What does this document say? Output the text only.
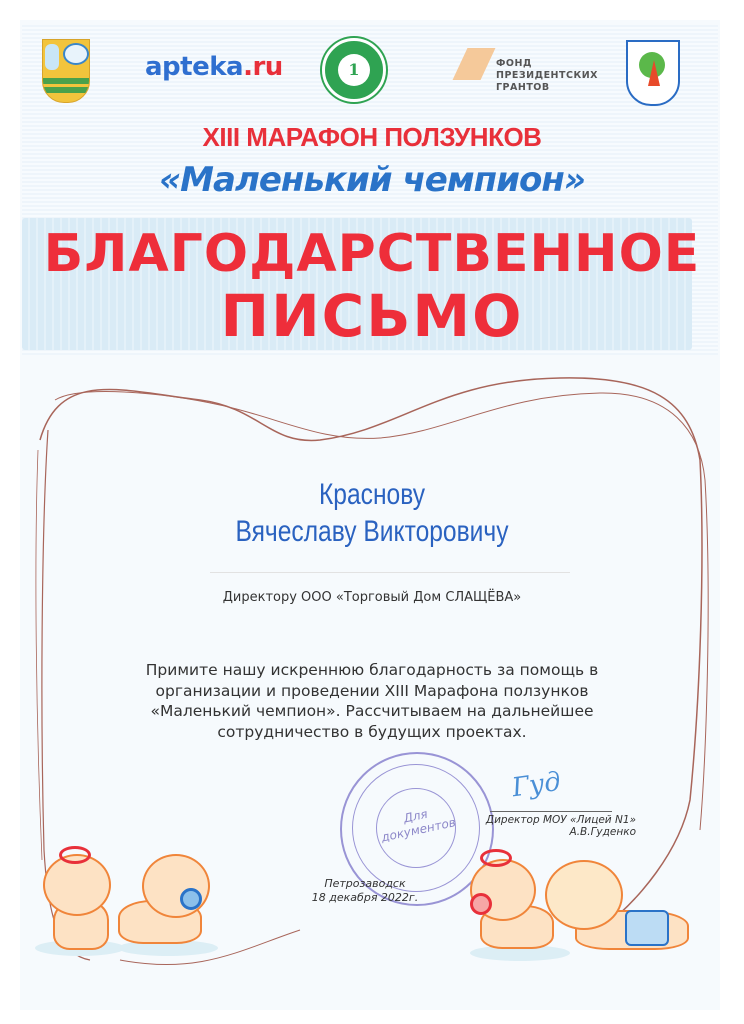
apteka.ru	1	ФОНД
ПРЕЗИДЕНТСКИХ
ГРАНТОВ
XIII МАРАФОН ПОЛЗУНКОВ
«Маленький чемпион»
БЛАГОДАРСТВЕННОЕ
ПИСЬМО
Краснову
Вячеславу Викторовичу
Директору ООО «Торговый Дом СЛАЩЁВА»
Примите нашу искреннюю благодарность за помощь в организации и проведении XIII Марафона ползунков «Маленький чемпион». Рассчитываем на дальнейшее сотрудничество в будущих проектах.
Для документов
Гуд
Директор МОУ «Лицей N1»
А.В.Гуденко
Петрозаводск
18 декабря 2022г.
